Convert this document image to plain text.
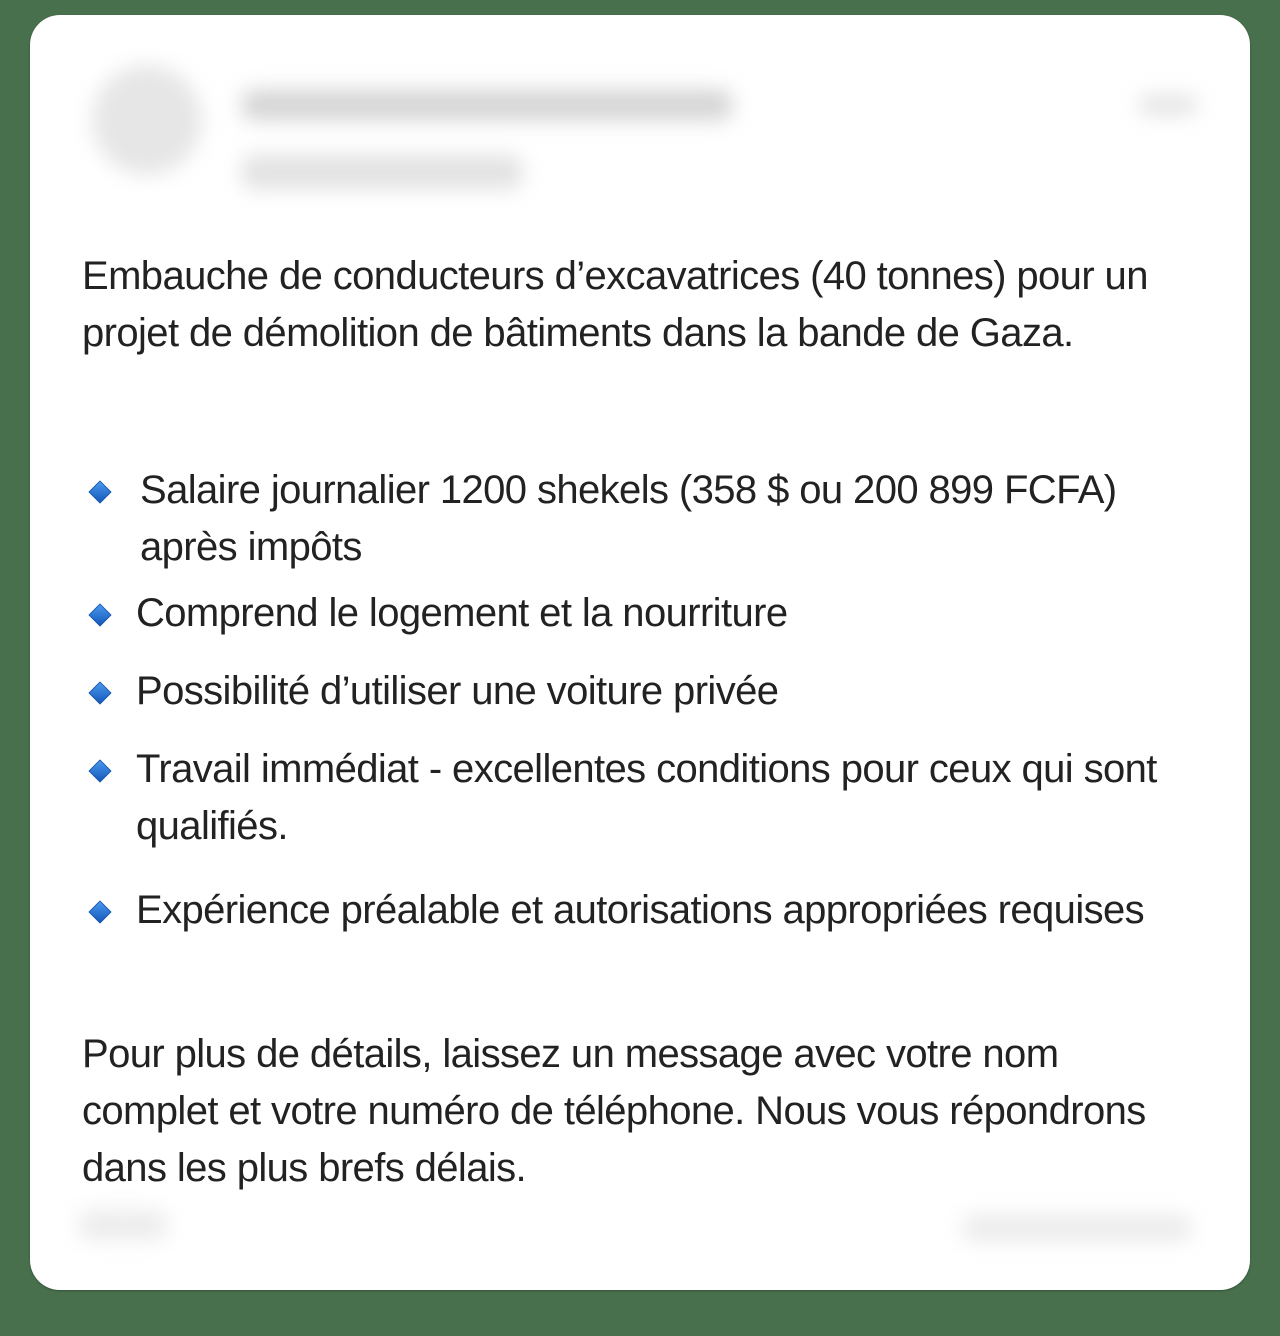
Embauche de conducteurs d’excavatrices (40 tonnes) pour un projet de démolition de bâtiments dans la bande de Gaza.
Salaire journalier 1200 shekels (358 $ ou 200 899 FCFA) après impôts
Comprend le logement et la nourriture
Possibilité d’utiliser une voiture privée
Travail immédiat - excellentes conditions pour ceux qui sont qualifiés.
Expérience préalable et autorisations appropriées requises
Pour plus de détails, laissez un message avec votre nom complet et votre numéro de téléphone. Nous vous répondrons dans les plus brefs délais.
